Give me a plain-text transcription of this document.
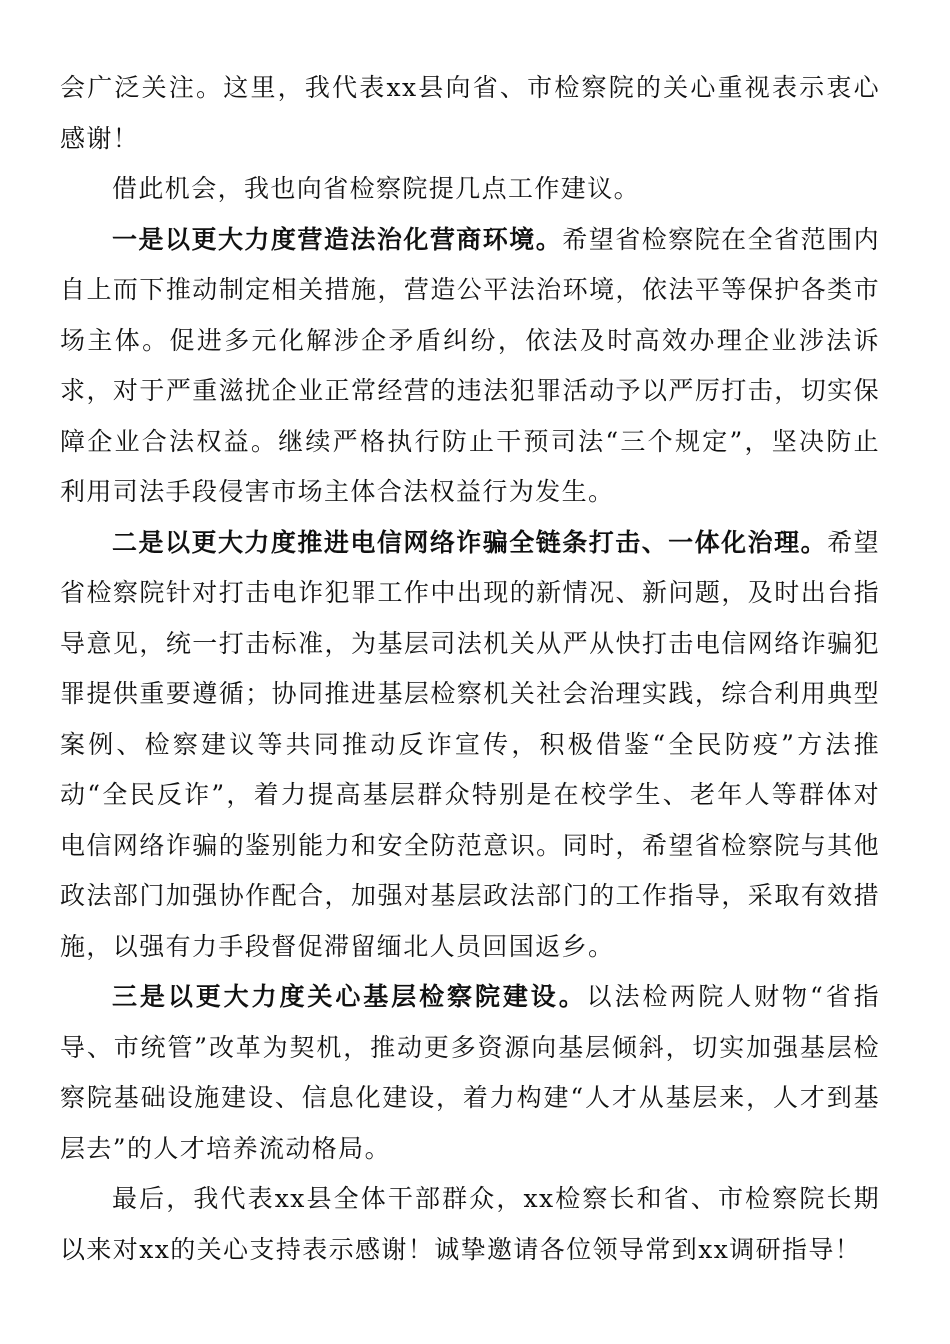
会广泛关注。这里，我代表xx县向省、市检察院的关心重视表示衷心感谢！

借此机会，我也向省检察院提几点工作建议。

一是以更大力度营造法治化营商环境。希望省检察院在全省范围内自上而下推动制定相关措施，营造公平法治环境，依法平等保护各类市场主体。促进多元化解涉企矛盾纠纷，依法及时高效办理企业涉法诉求，对于严重滋扰企业正常经营的违法犯罪活动予以严厉打击，切实保障企业合法权益。继续严格执行防止干预司法“三个规定”，坚决防止利用司法手段侵害市场主体合法权益行为发生。

二是以更大力度推进电信网络诈骗全链条打击、一体化治理。希望省检察院针对打击电诈犯罪工作中出现的新情况、新问题，及时出台指导意见，统一打击标准，为基层司法机关从严从快打击电信网络诈骗犯罪提供重要遵循；协同推进基层检察机关社会治理实践，综合利用典型案例、检察建议等共同推动反诈宣传，积极借鉴“全民防疫”方法推动“全民反诈”，着力提高基层群众特别是在校学生、老年人等群体对电信网络诈骗的鉴别能力和安全防范意识。同时，希望省检察院与其他政法部门加强协作配合，加强对基层政法部门的工作指导，采取有效措施，以强有力手段督促滞留缅北人员回国返乡。

三是以更大力度关心基层检察院建设。以法检两院人财物“省指导、市统管”改革为契机，推动更多资源向基层倾斜，切实加强基层检察院基础设施建设、信息化建设，着力构建“人才从基层来，人才到基层去”的人才培养流动格局。

最后，我代表xx县全体干部群众，xx检察长和省、市检察院长期以来对xx的关心支持表示感谢！诚挚邀请各位领导常到xx调研指导！
